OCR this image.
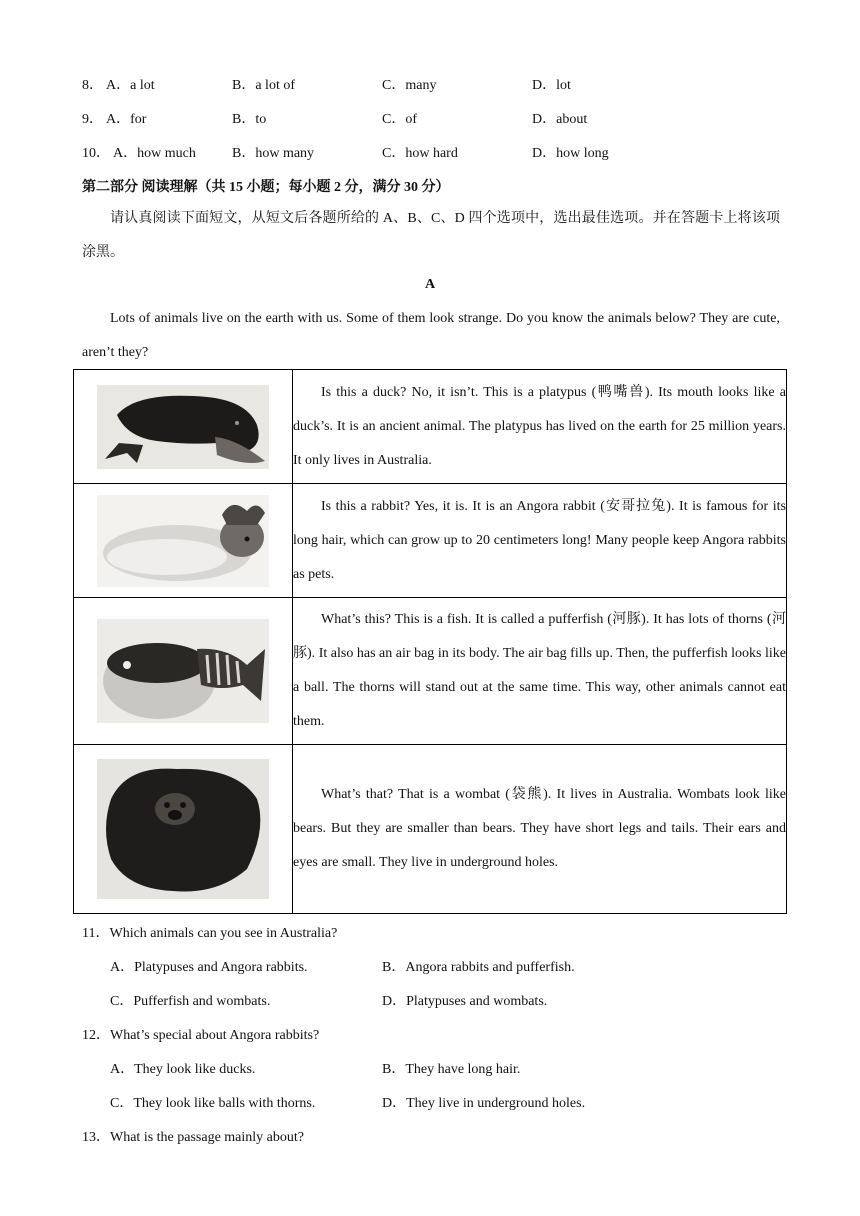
8． A．a lot	B．a lot of	C．many	D．lot
9． A．for	B．to	C．of	D．about
10． A．how much	B．how many	C．how hard	D．how long
第二部分 阅读理解（共 15 小题；每小题 2 分，满分 30 分）
请认真阅读下面短文，从短文后各题所给的 A、B、C、D 四个选项中，选出最佳选项。并在答题卡上将该项涂黑。
A
Lots of animals live on the earth with us. Some of them look strange. Do you know the animals below? They are cute, aren’t they?

Is this a duck? No, it isn’t. This is a platypus (鸭嘴兽). Its mouth looks like a duck’s. It is an ancient animal. The platypus has lived on the earth for 25 million years. It only lives in Australia.

Is this a rabbit? Yes, it is. It is an Angora rabbit (安哥拉兔). It is famous for its long hair, which can grow up to 20 centimeters long! Many people keep Angora rabbits as pets.

What’s this? This is a fish. It is called a pufferfish (河豚). It has lots of thorns (河豚). It also has an air bag in its body. The air bag fills up. Then, the pufferfish looks like a ball. The thorns will stand out at the same time. This way, other animals cannot eat them.

What’s that? That is a wombat (袋熊). It lives in Australia. Wombats look like bears. But they are smaller than bears. They have short legs and tails. Their ears and eyes are small. They live in underground holes.
11．Which animals can you see in Australia?
A．Platypuses and Angora rabbits.	B．Angora rabbits and pufferfish.
C．Pufferfish and wombats.	D．Platypuses and wombats.
12．What’s special about Angora rabbits?
A．They look like ducks.	B．They have long hair.
C．They look like balls with thorns.	D．They live in underground holes.
13．What is the passage mainly about?
